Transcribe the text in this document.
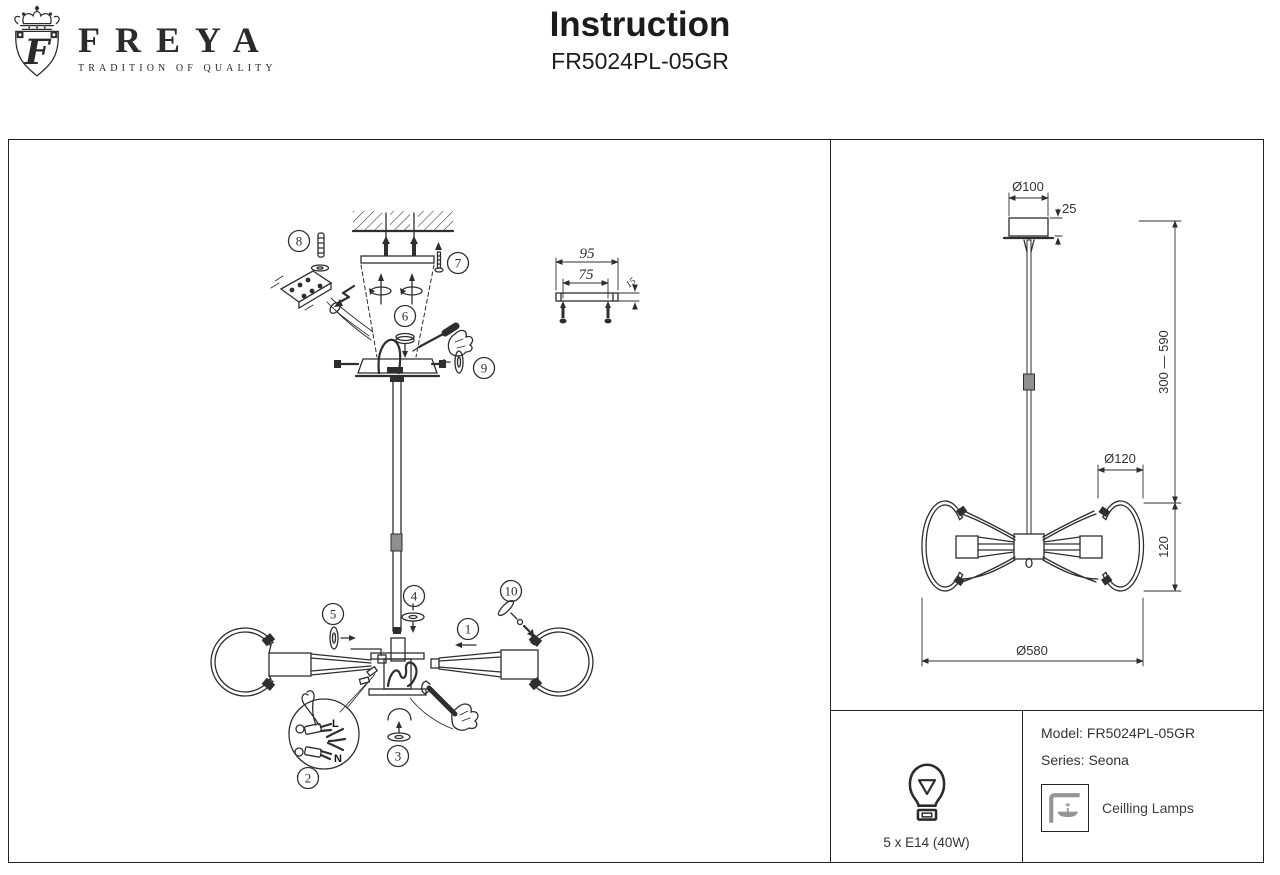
F FREYA
TRADITION OF QUALITY
Instruction
FR5024PL-05GR
L
N
95
75
15
1
2
3
4
5
6
7
8
9
10
Ø100
25
300 — 590
120
Ø120
Ø580
5 x E14 (40W)
Model: FR5024PL-05GR
Series: Seona
Ceilling Lamps
